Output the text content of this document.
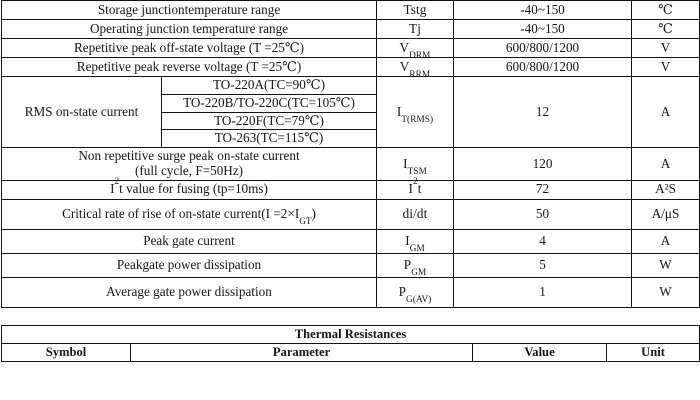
Storage junctiontemperature range		Tstg	-40~150	℃
Operating junction temperature range		Tj	-40~150	℃
Repetitive peak off-state voltage (T =25℃)		$V_{DRM}$	600/800/1200	V
Repetitive peak reverse voltage (T =25℃)		$V_{RRM}$	600/800/1200	V
RMS on-state current	TO-220A(TC=90℃)	$I_{T(RMS)}$	12	A
	TO-220B/TO-220C(TC=105℃)			
	TO-220F(TC=79℃)			
	TO-263(TC=115℃)			
Non repetitive surge peak on-state current
(full cycle, F=50Hz)		$I_{TSM}$	120	A
$I^2t$ value for fusing (tp=10ms)		$I^2t$	72	A²S
Critical rate of rise of on-state current(I $=2\times I_{GT}$)		di/dt	50	A/μS
Peak gate current		$I_{GM}$	4	A
Peakgate power dissipation		$P_{GM}$	5	W
Average gate power dissipation		$P_{G(AV)}$	1	W
Thermal Resistances
Symbol	Parameter	Value	Unit
